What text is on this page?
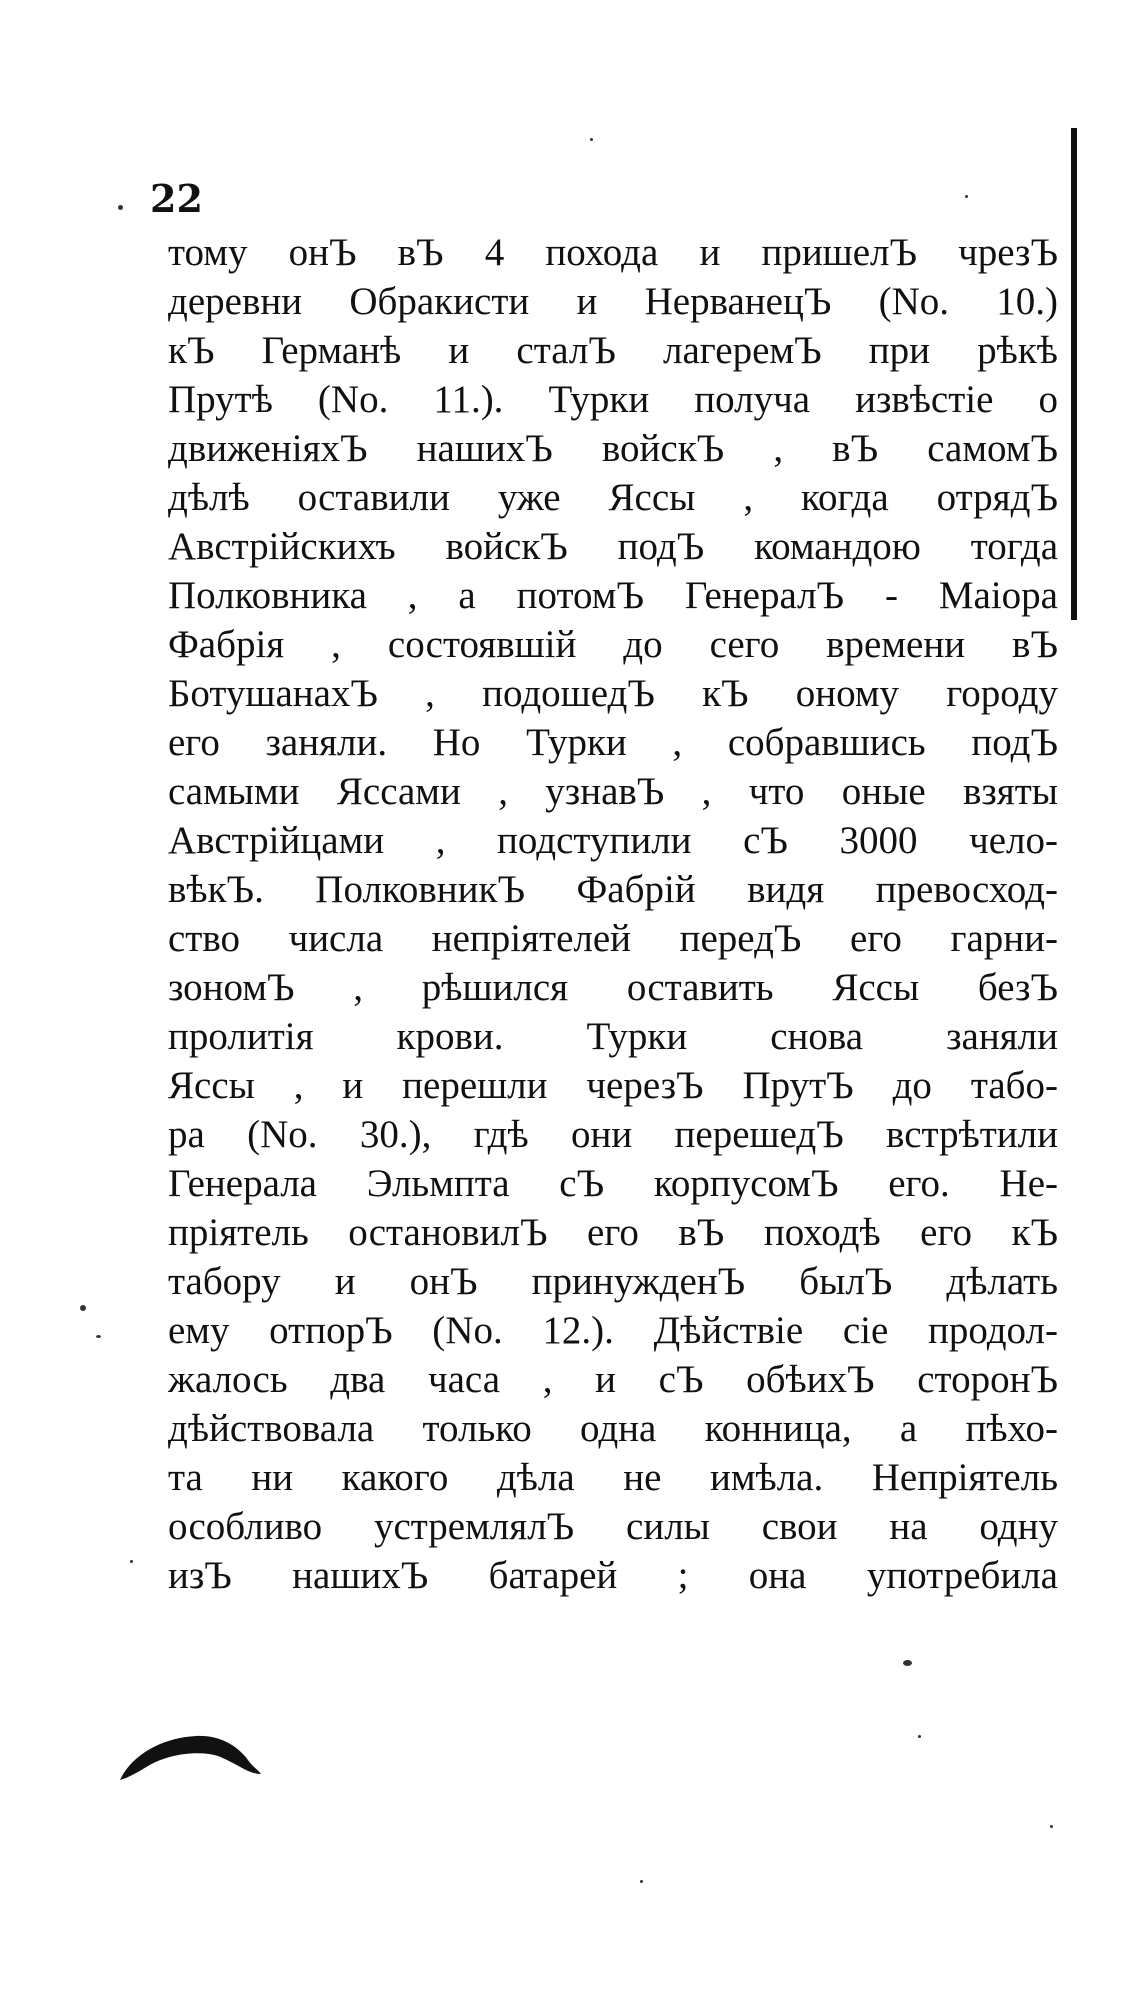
22
тому онЪ вЪ 4 похода и пришелЪ чрезЪ
деревни Обракисти и НерванецЪ (No. 10.)
кЪ Германѣ и сталЪ лагеремЪ при рѣкѣ
Прутѣ (No. 11.). Турки получа извѣстiе о
движенiяхЪ нашихЪ войскЪ , вЪ самомЪ
дѣлѣ оставили уже Яссы , когда отрядЪ
Австрiйскихъ войскЪ подЪ командою тогда
Полковника , а потомЪ ГенералЪ - Маiора
Фабрiя , состоявшiй до сего времени вЪ
БотушанахЪ , подошедЪ кЪ оному городу
его заняли. Но Турки , собравшись подЪ
самыми Яссами , узнавЪ , что оные взяты
Австрiйцами , подступили сЪ 3000 чело-
вѣкЪ. ПолковникЪ Фабрiй видя превосход-
ство числа непрiятелей передЪ его гарни-
зономЪ , рѣшился оставить Яссы безЪ
пролитiя крови. Турки снова заняли
Яссы , и перешли черезЪ ПрутЪ до табо-
ра (No. 30.), гдѣ они перешедЪ встрѣтили
Генерала Эльмпта сЪ корпусомЪ его. Не-
прiятель остановилЪ его вЪ походѣ его кЪ
табору и онЪ принужденЪ былЪ дѣлать
ему отпорЪ (No. 12.). Дѣйствiе сiе продол-
жалось два часа , и сЪ обѣихЪ сторонЪ
дѣйствовала только одна конница, а пѣхо-
та ни какого дѣла не имѣла. Непрiятель
особливо устремлялЪ силы свои на одну
изЪ нашихЪ батарей ; она употребила
